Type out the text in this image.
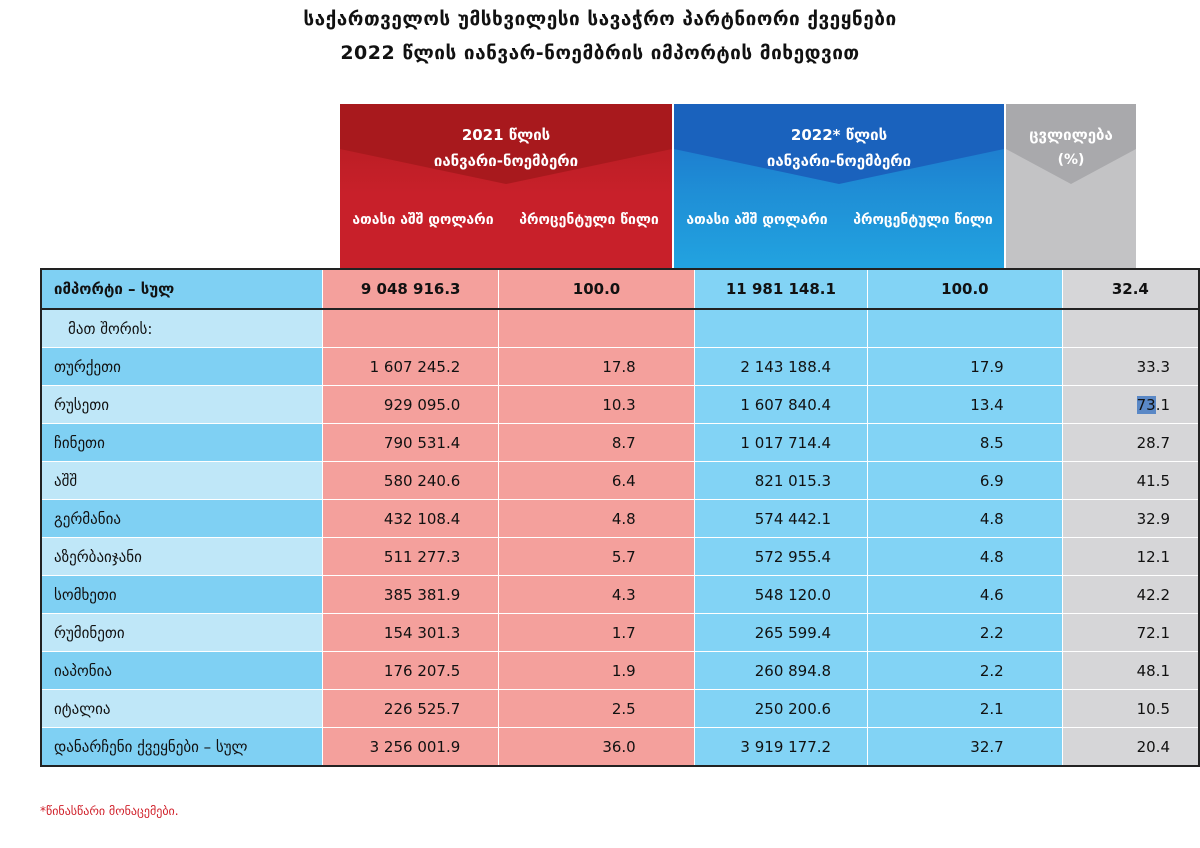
საქართველოს უმსხვილესი სავაჭრო პარტნიორი ქვეყნები
2022 წლის იანვარ-ნოემბრის იმპორტის მიხედვით
2021 წლის
იანვარი-ნოემბერი
ათასი აშშ დოლარი	პროცენტული წილი
2022* წლის
იანვარი-ნოემბერი
ათასი აშშ დოლარი	პროცენტული წილი
ცვლილება
(%)
იმპორტი – სულ	9 048 916.3	100.0	11 981 148.1	100.0	32.4
მათ შორის:					
თურქეთი	1 607 245.2	17.8	2 143 188.4	17.9	33.3
რუსეთი	929 095.0	10.3	1 607 840.4	13.4	73.1
ჩინეთი	790 531.4	8.7	1 017 714.4	8.5	28.7
აშშ	580 240.6	6.4	821 015.3	6.9	41.5
გერმანია	432 108.4	4.8	574 442.1	4.8	32.9
აზერბაიჯანი	511 277.3	5.7	572 955.4	4.8	12.1
სომხეთი	385 381.9	4.3	548 120.0	4.6	42.2
რუმინეთი	154 301.3	1.7	265 599.4	2.2	72.1
იაპონია	176 207.5	1.9	260 894.8	2.2	48.1
იტალია	226 525.7	2.5	250 200.6	2.1	10.5
დანარჩენი ქვეყნები – სულ	3 256 001.9	36.0	3 919 177.2	32.7	20.4
*წინასწარი მონაცემები.
